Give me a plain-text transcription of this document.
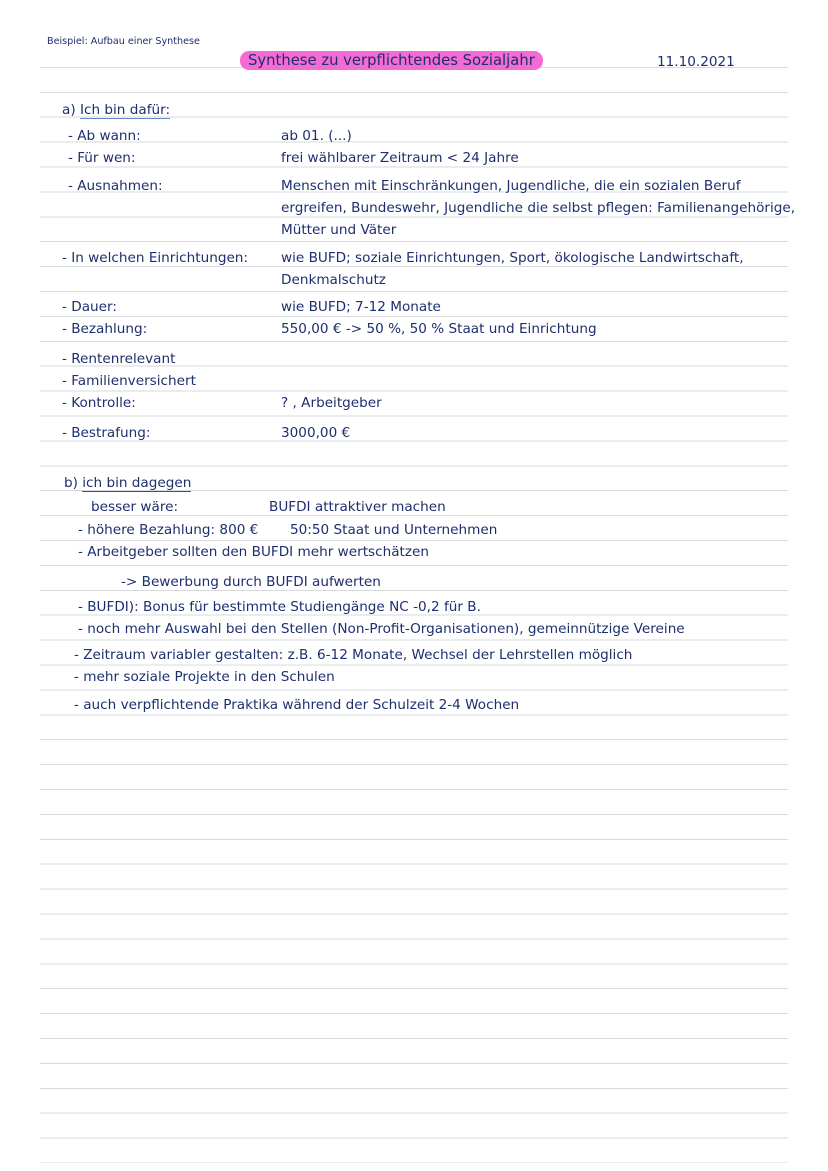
Beispiel: Aufbau einer Synthese
Synthese zu verpflichtendes Sozialjahr	11.10.2021
a) Ich bin dafür:
- Ab wann:	ab 01. (...)
- Für wen:	frei wählbarer Zeitraum < 24 Jahre
- Ausnahmen:	Menschen mit Einschränkungen, Jugendliche, die ein sozialen Beruf
ergreifen, Bundeswehr, Jugendliche die selbst pflegen: Familienangehörige,
Mütter und Väter
- In welchen Einrichtungen: wie BUFD; soziale Einrichtungen, Sport, ökologische Landwirtschaft,
Denkmalschutz
- Dauer:	wie BUFD; 7-12 Monate
- Bezahlung:	550,00 € -> 50 %, 50 % Staat und Einrichtung
- Rentenrelevant
- Familienversichert
- Kontrolle:	? , Arbeitgeber
- Bestrafung:	3000,00 €
b) ich bin dagegen
besser wäre:	BUFDI attraktiver machen
- höhere Bezahlung: 800 € 50:50 Staat und Unternehmen
- Arbeitgeber sollten den BUFDI mehr wertschätzen
-> Bewerbung durch BUFDI aufwerten
- BUFDI): Bonus für bestimmte Studiengänge NC -0,2 für B.
- noch mehr Auswahl bei den Stellen (Non-Profit-Organisationen), gemeinnützige Vereine
- Zeitraum variabler gestalten: z.B. 6-12 Monate, Wechsel der Lehrstellen möglich
- mehr soziale Projekte in den Schulen
- auch verpflichtende Praktika während der Schulzeit 2-4 Wochen
